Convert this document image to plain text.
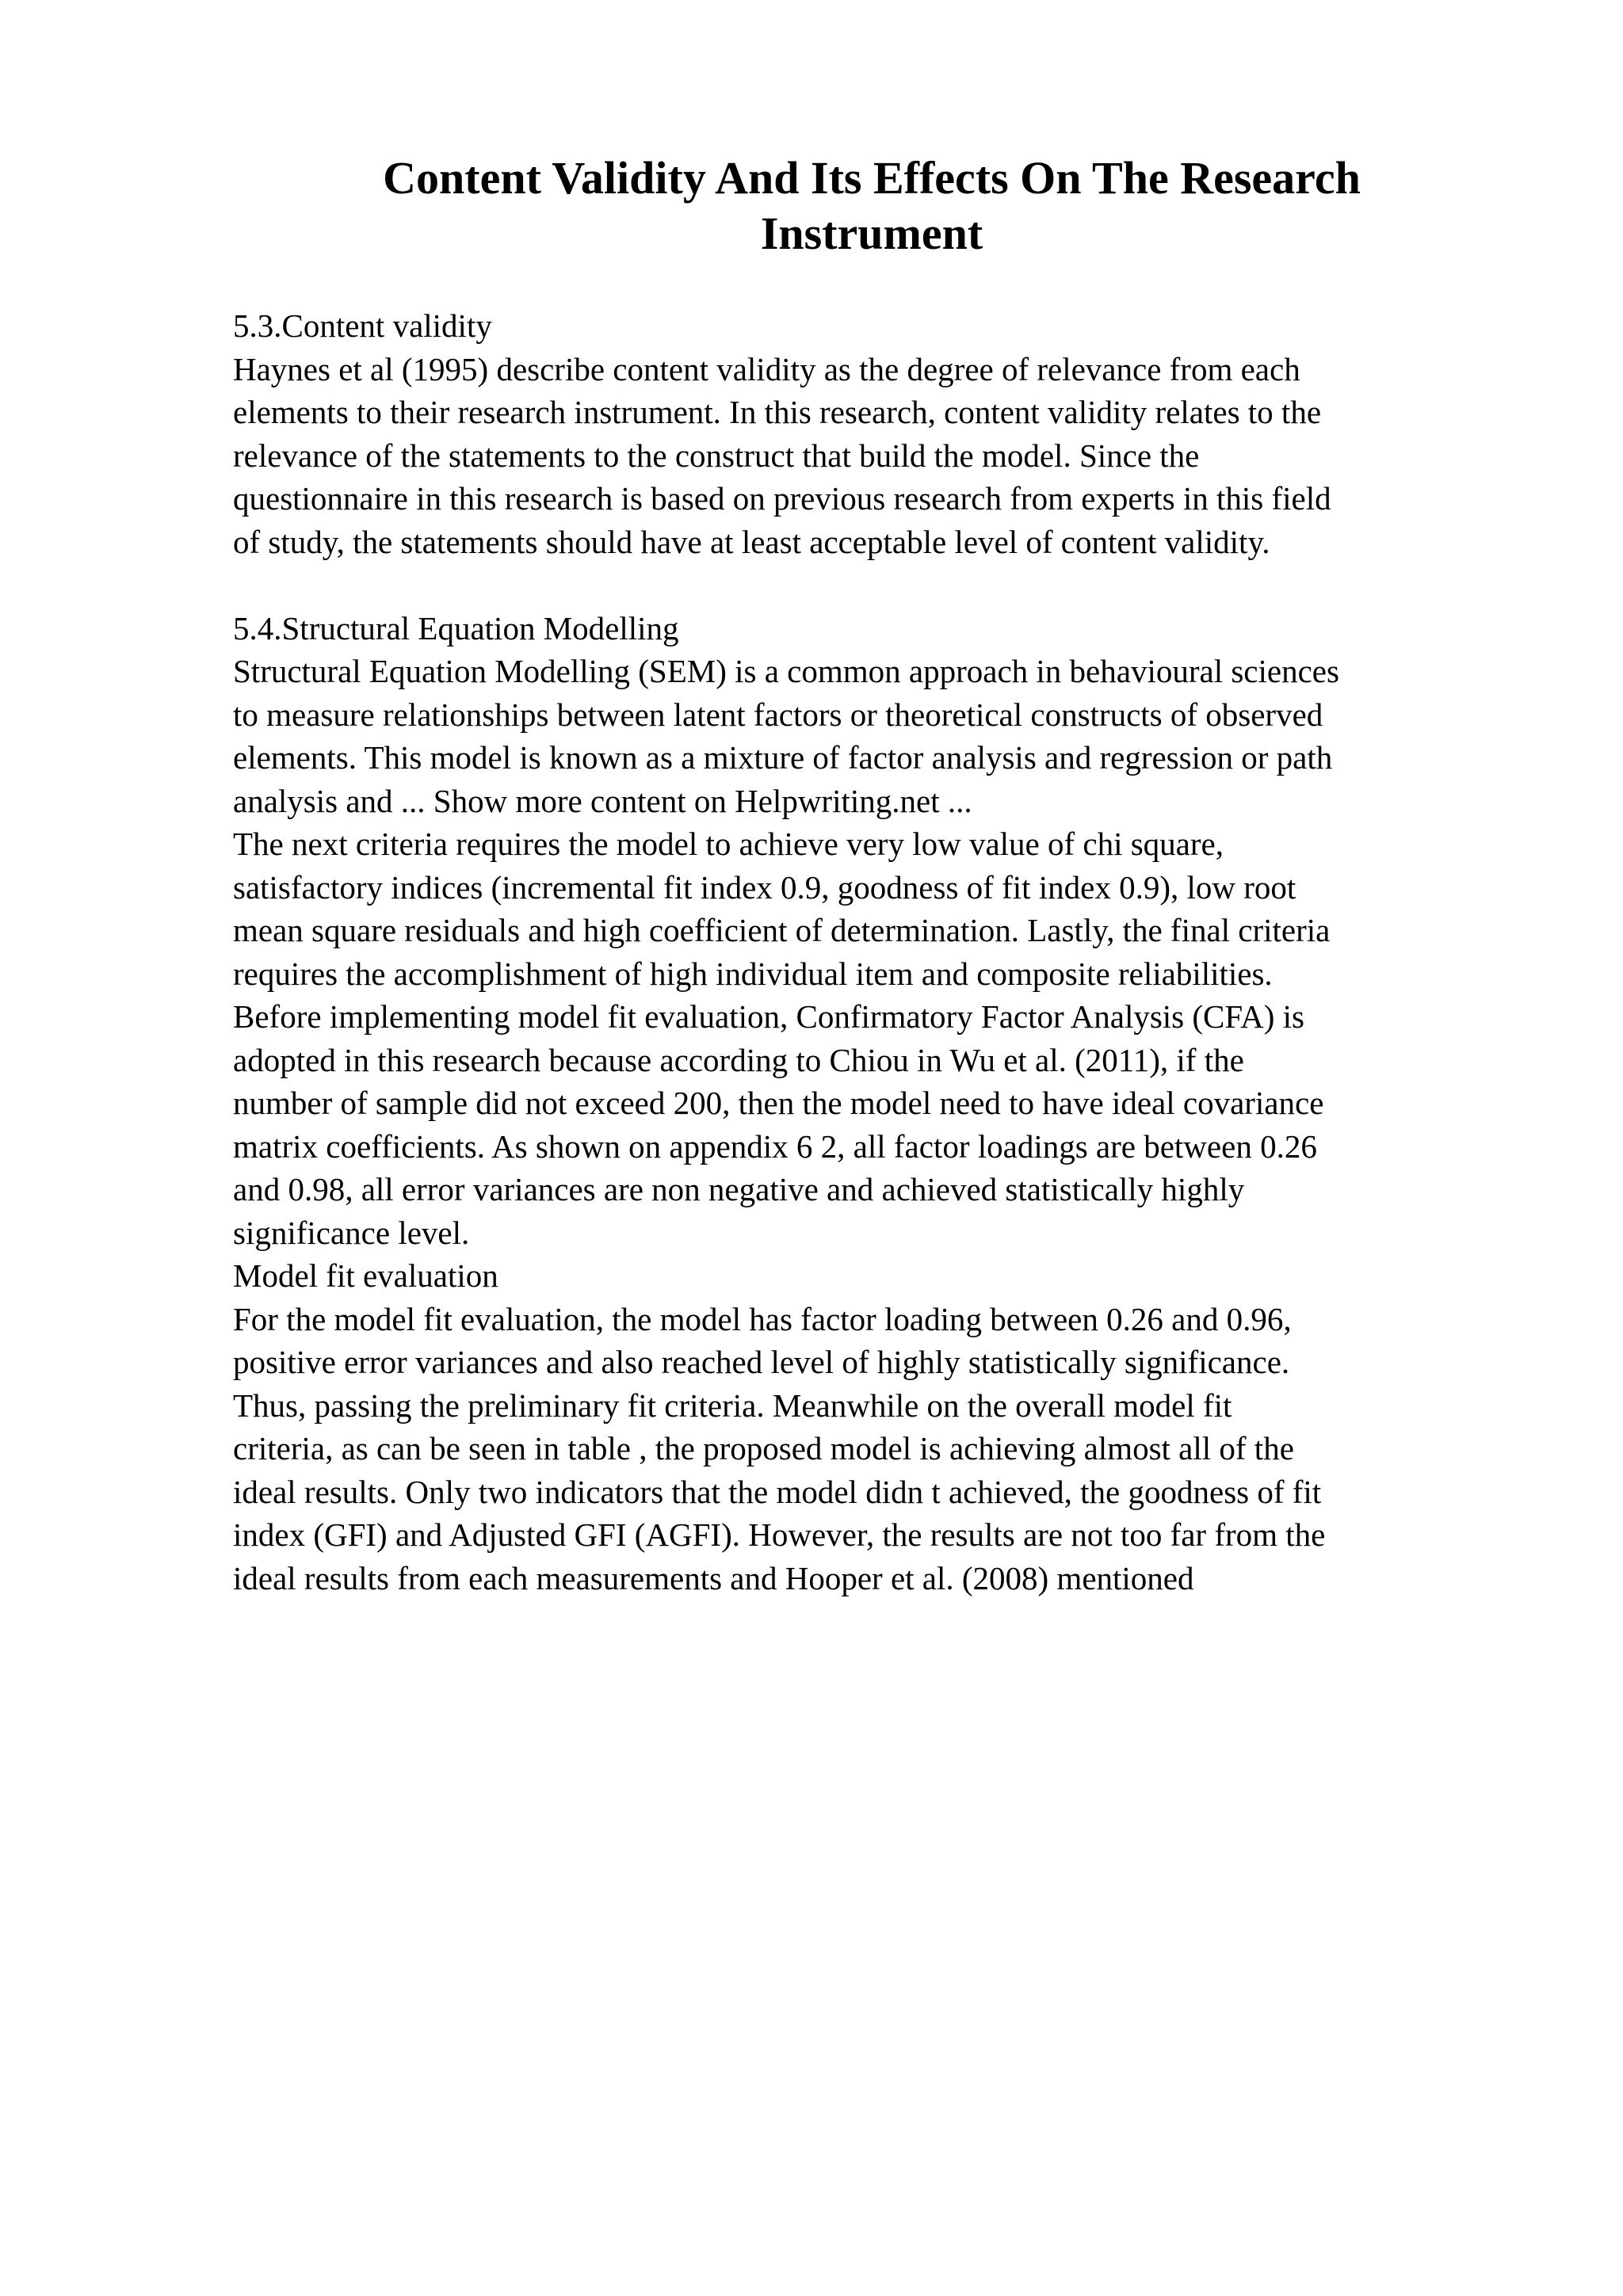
Content Validity And Its Effects On The Research
Instrument
5.3.Content validity
Haynes et al (1995) describe content validity as the degree of relevance from each
elements to their research instrument. In this research, content validity relates to the
relevance of the statements to the construct that build the model. Since the
questionnaire in this research is based on previous research from experts in this field
of study, the statements should have at least acceptable level of content validity.
5.4.Structural Equation Modelling
Structural Equation Modelling (SEM) is a common approach in behavioural sciences
to measure relationships between latent factors or theoretical constructs of observed
elements. This model is known as a mixture of factor analysis and regression or path
analysis and ... Show more content on Helpwriting.net ...
The next criteria requires the model to achieve very low value of chi square,
satisfactory indices (incremental fit index 0.9, goodness of fit index 0.9), low root
mean square residuals and high coefficient of determination. Lastly, the final criteria
requires the accomplishment of high individual item and composite reliabilities.
Before implementing model fit evaluation, Confirmatory Factor Analysis (CFA) is
adopted in this research because according to Chiou in Wu et al. (2011), if the
number of sample did not exceed 200, then the model need to have ideal covariance
matrix coefficients. As shown on appendix 6 2, all factor loadings are between 0.26
and 0.98, all error variances are non negative and achieved statistically highly
significance level.
Model fit evaluation
For the model fit evaluation, the model has factor loading between 0.26 and 0.96,
positive error variances and also reached level of highly statistically significance.
Thus, passing the preliminary fit criteria. Meanwhile on the overall model fit
criteria, as can be seen in table , the proposed model is achieving almost all of the
ideal results. Only two indicators that the model didn t achieved, the goodness of fit
index (GFI) and Adjusted GFI (AGFI). However, the results are not too far from the
ideal results from each measurements and Hooper et al. (2008) mentioned
